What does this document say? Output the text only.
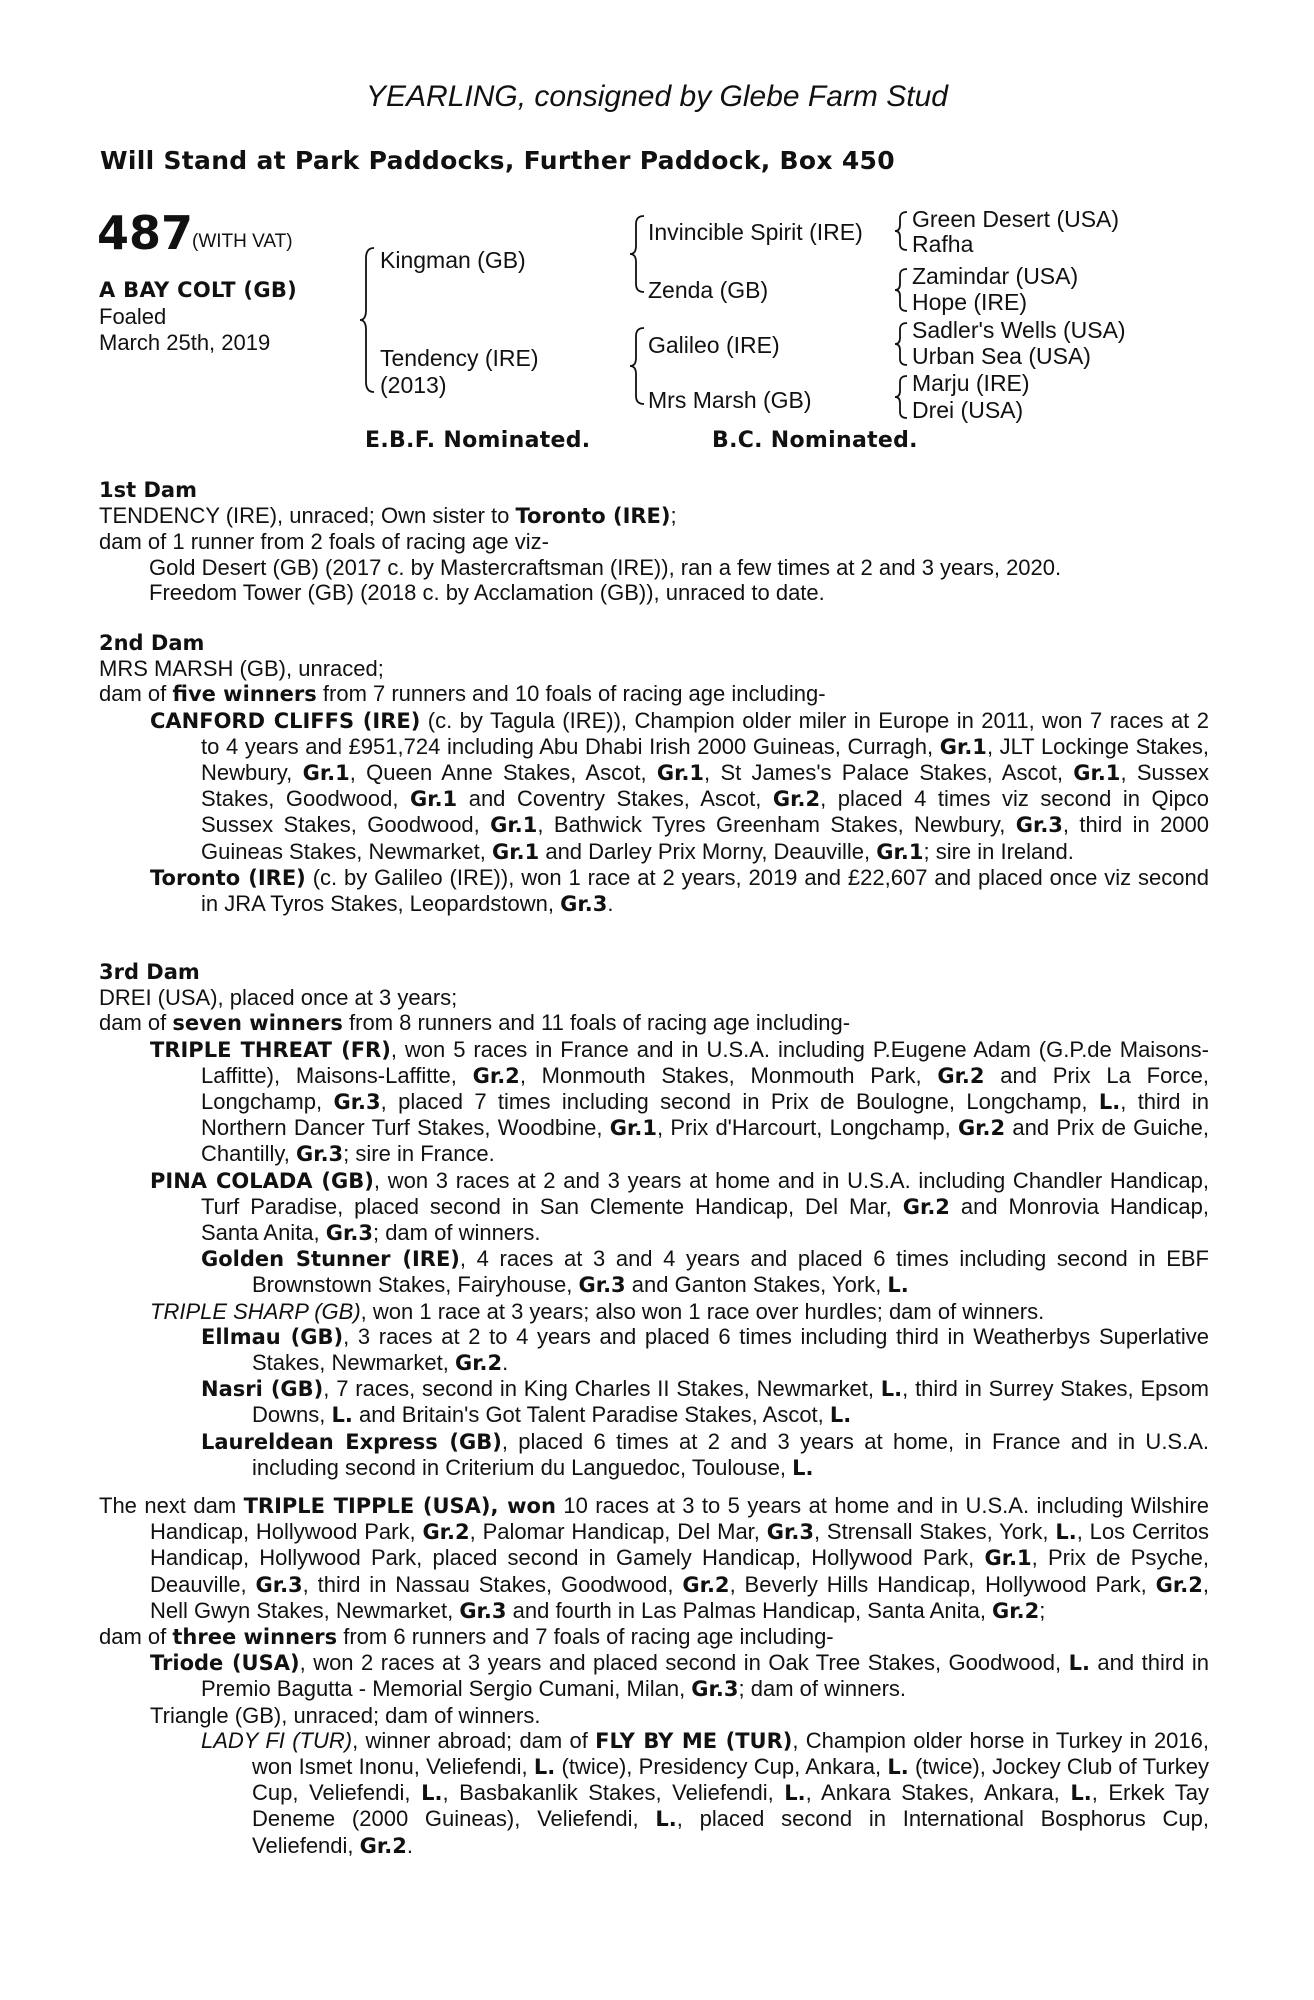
YEARLING, consigned by Glebe Farm Stud
Will Stand at Park Paddocks, Further Paddock, Box 450
487
(WITH VAT)
A BAY COLT (GB)
Foaled
March 25th, 2019
Kingman (GB)
Tendency (IRE)
(2013)
Invincible Spirit (IRE)
Zenda (GB)
Galileo (IRE)
Mrs Marsh (GB)
Green Desert (USA)
Rafha
Zamindar (USA)
Hope (IRE)
Sadler's Wells (USA)
Urban Sea (USA)
Marju (IRE)
Drei (USA)
E.B.F. Nominated.	B.C. Nominated.

1st Dam

TENDENCY (IRE), unraced; Own sister to Toronto (IRE);

dam of 1 runner from 2 foals of racing age viz-

Gold Desert (GB) (2017 c. by Mastercraftsman (IRE)), ran a few times at 2 and 3 years, 2020.

Freedom Tower (GB) (2018 c. by Acclamation (GB)), unraced to date.

2nd Dam

MRS MARSH (GB), unraced;

dam of five winners from 7 runners and 10 foals of racing age including-

CANFORD CLIFFS (IRE) (c. by Tagula (IRE)), Champion older miler in Europe in 2011, won 7 races at 2 to 4 years and £951,724 including Abu Dhabi Irish 2000 Guineas, Curragh, Gr.1, JLT Lockinge Stakes, Newbury, Gr.1, Queen Anne Stakes, Ascot, Gr.1, St James's Palace Stakes, Ascot, Gr.1, Sussex Stakes, Goodwood, Gr.1 and Coventry Stakes, Ascot, Gr.2, placed 4 times viz second in Qipco Sussex Stakes, Goodwood, Gr.1, Bathwick Tyres Greenham Stakes, Newbury, Gr.3, third in 2000 Guineas Stakes, Newmarket, Gr.1 and Darley Prix Morny, Deauville, Gr.1; sire in Ireland.

Toronto (IRE) (c. by Galileo (IRE)), won 1 race at 2 years, 2019 and £22,607 and placed once viz second in JRA Tyros Stakes, Leopardstown, Gr.3.

3rd Dam

DREI (USA), placed once at 3 years;

dam of seven winners from 8 runners and 11 foals of racing age including-

TRIPLE THREAT (FR), won 5 races in France and in U.S.A. including P.Eugene Adam (G.P.de Maisons-Laffitte), Maisons-Laffitte, Gr.2, Monmouth Stakes, Monmouth Park, Gr.2 and Prix La Force, Longchamp, Gr.3, placed 7 times including second in Prix de Boulogne, Longchamp, L., third in Northern Dancer Turf Stakes, Woodbine, Gr.1, Prix d'Harcourt, Longchamp, Gr.2 and Prix de Guiche, Chantilly, Gr.3; sire in France.

PINA COLADA (GB), won 3 races at 2 and 3 years at home and in U.S.A. including Chandler Handicap, Turf Paradise, placed second in San Clemente Handicap, Del Mar, Gr.2 and Monrovia Handicap, Santa Anita, Gr.3; dam of winners.

Golden Stunner (IRE), 4 races at 3 and 4 years and placed 6 times including second in EBF Brownstown Stakes, Fairyhouse, Gr.3 and Ganton Stakes, York, L.

TRIPLE SHARP (GB), won 1 race at 3 years; also won 1 race over hurdles; dam of winners.

Ellmau (GB), 3 races at 2 to 4 years and placed 6 times including third in Weatherbys Superlative Stakes, Newmarket, Gr.2.

Nasri (GB), 7 races, second in King Charles II Stakes, Newmarket, L., third in Surrey Stakes, Epsom Downs, L. and Britain's Got Talent Paradise Stakes, Ascot, L.

Laureldean Express (GB), placed 6 times at 2 and 3 years at home, in France and in U.S.A. including second in Criterium du Languedoc, Toulouse, L.

The next dam TRIPLE TIPPLE (USA), won 10 races at 3 to 5 years at home and in U.S.A. including Wilshire Handicap, Hollywood Park, Gr.2, Palomar Handicap, Del Mar, Gr.3, Strensall Stakes, York, L., Los Cerritos Handicap, Hollywood Park, placed second in Gamely Handicap, Hollywood Park, Gr.1, Prix de Psyche, Deauville, Gr.3, third in Nassau Stakes, Goodwood, Gr.2, Beverly Hills Handicap, Hollywood Park, Gr.2, Nell Gwyn Stakes, Newmarket, Gr.3 and fourth in Las Palmas Handicap, Santa Anita, Gr.2;

dam of three winners from 6 runners and 7 foals of racing age including-

Triode (USA), won 2 races at 3 years and placed second in Oak Tree Stakes, Goodwood, L. and third in Premio Bagutta - Memorial Sergio Cumani, Milan, Gr.3; dam of winners.

Triangle (GB), unraced; dam of winners.

LADY FI (TUR), winner abroad; dam of FLY BY ME (TUR), Champion older horse in Turkey in 2016, won Ismet Inonu, Veliefendi, L. (twice), Presidency Cup, Ankara, L. (twice), Jockey Club of Turkey Cup, Veliefendi, L., Basbakanlik Stakes, Veliefendi, L., Ankara Stakes, Ankara, L., Erkek Tay Deneme (2000 Guineas), Veliefendi, L., placed second in International Bosphorus Cup, Veliefendi, Gr.2.
